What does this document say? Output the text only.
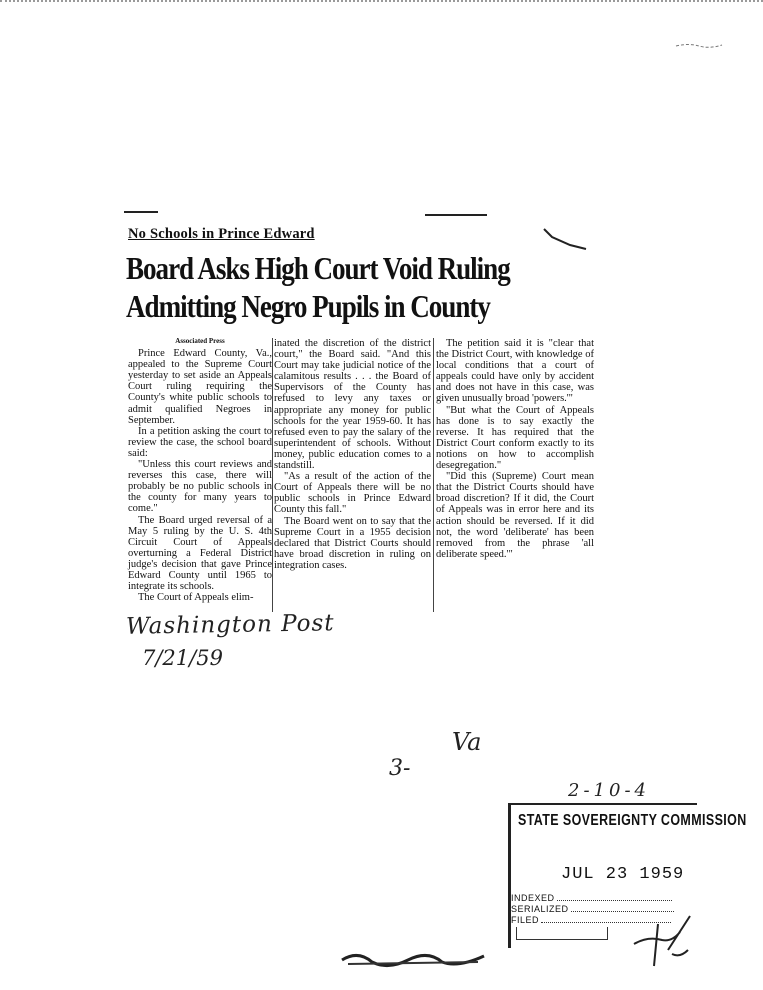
No Schools in Prince Edward
Board Asks High Court Void Ruling
Admitting Negro Pupils in County

Associated Press

Prince Edward County, Va., appealed to the Supreme Court yesterday to set aside an Appeals Court ruling requiring the County's white public schools to admit qualified Negroes in September.

In a petition asking the court to review the case, the school board said:

"Unless this court reviews and reverses this case, there will probably be no public schools in the county for many years to come."

The Board urged reversal of a May 5 ruling by the U. S. 4th Circuit Court of Appeals overturning a Federal District judge's decision that gave Prince Edward County until 1965 to integrate its schools.

The Court of Appeals elim-

inated the discretion of the district court," the Board said. "And this Court may take judicial notice of the calamitous results . . . the Board of Supervisors of the County has refused to levy any taxes or appropriate any money for public schools for the year 1959-60. It has refused even to pay the salary of the superintendent of schools. Without money, public education comes to a standstill.

"As a result of the action of the Court of Appeals there will be no public schools in Prince Edward County this fall."

The Board went on to say that the Supreme Court in a 1955 decision declared that District Courts should have broad discretion in ruling on integration cases.

The petition said it is "clear that the District Court, with knowledge of local conditions that a court of appeals could have only by accident and does not have in this case, was given unusually broad 'powers.'"

"But what the Court of Appeals has done is to say exactly the reverse. It has required that the District Court conform exactly to its notions on how to accomplish desegregation."

"Did this (Supreme) Court mean that the District Courts should have broad discretion? If it did, the Court of Appeals was in error here and its action should be reversed. If it did not, the word 'deliberate' has been removed from the phrase 'all deliberate speed.'"

Washington Post
7/21/59
3-
Va
2-10-4
STATE SOVEREIGNTY COMMISSION
JUL 23 1959
INDEXED
SERIALIZED
FILED
